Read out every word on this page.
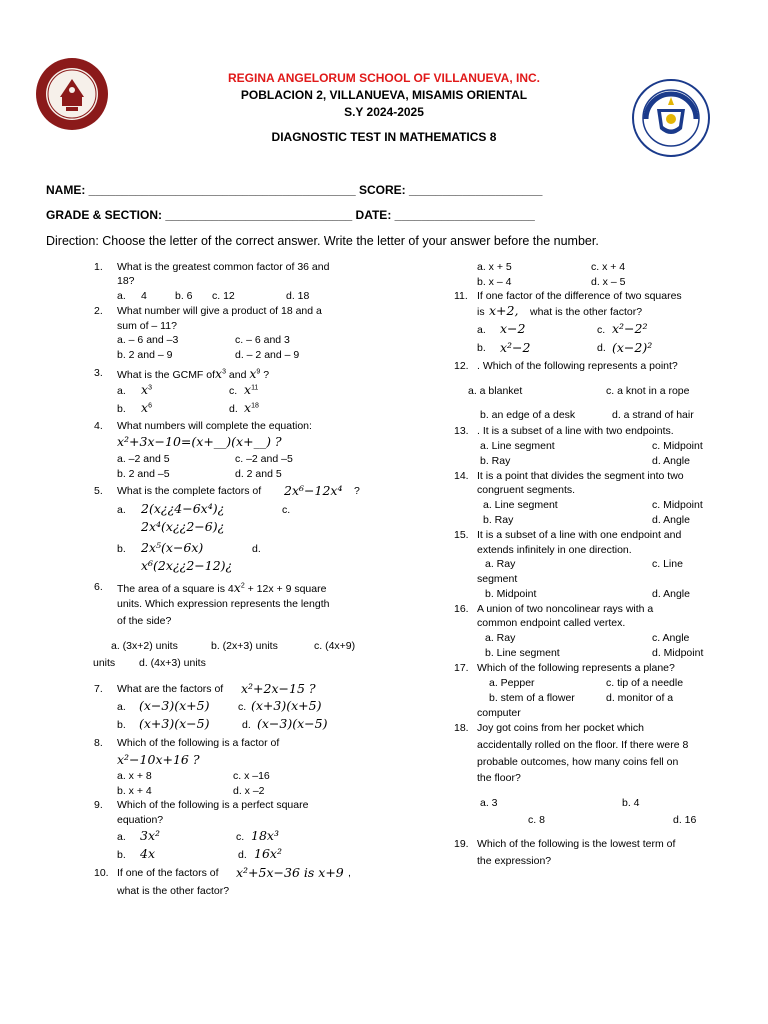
REGINA ANGELORUM SCHOOL OF VILLANUEVA, INC.
POBLACION 2, VILLANUEVA, MISAMIS ORIENTAL
S.Y 2024-2025
DIAGNOSTIC TEST IN MATHEMATICS 8
NAME: ________________________________________ SCORE: ____________________
GRADE & SECTION: ____________________________ DATE: _____________________
Direction: Choose the letter of the correct answer. Write the letter of your answer before the number.
1. What is the greatest common factor of 36 and
18?
a. 4	b. 6 c. 12	d. 18
2. What number will give a product of 18 and a
sum of – 11?
a. – 6 and –3	c. – 6 and 3
b. 2 and – 9	d. – 2 and – 9
3. What is the GCMF ofx$^3$ and $x^9$ ?
a. $x^3$	c. $x^{11}$
b. $x^6$	d. $x^{18}$
4. What numbers will complete the equation:
x²+3x−10=(x+__)(x+__) ?
a. –2 and 5	c. –2 and –5
b. 2 and –5	d. 2 and 5
5. What is the complete factors of 2x⁶−12x⁴ ?
a. 2(x¿¿4−6x⁴)¿	c.
2x⁴(x¿¿2−6)¿
b. 2x⁵(x−6x)	d.
x⁶(2x¿¿2−12)¿
6. The area of a square is $4x^2 + 12x + 9$ square
units. Which expression represents the length
of the side?
a. (3x+2) units	b. (2x+3) units	c. (4x+9)
units d. (4x+3) units
7. What are the factors of x²+2x−15 ?
a. (x−3)(x+5)	c. (x+3)(x+5)
b. (x+3)(x−5)	d. (x−3)(x−5)
8. Which of the following is a factor of
x²−10x+16 ?
a. x + 8	c. x –16
b. x + 4	d. x –2
9. Which of the following is a perfect square
equation?
a. 3x²	c. 18x³
b. 4x	d. 16x²
10. If one of the factors of x²+5x−36 is x+9 ,
what is the other factor?
a. x + 5	c. x + 4
b. x – 4	d. x – 5
11. If one factor of the difference of two squares
is x+2, what is the other factor?
a. x−2	c. x²−2²
b. x²−2	d. (x−2)²
12. . Which of the following represents a point?
a. a blanket	c. a knot in a rope
b. an edge of a desk	d. a strand of hair
13. . It is a subset of a line with two endpoints.
a. Line segment	c. Midpoint
b. Ray	d. Angle
14. It is a point that divides the segment into two
congruent segments.
a. Line segment	c. Midpoint
b. Ray	d. Angle
15. It is a subset of a line with one endpoint and
extends infinitely in one direction.
a. Ray	c. Line
segment
b. Midpoint	d. Angle
16. A union of two noncolinear rays with a
common endpoint called vertex.
a. Ray	c. Angle
b. Line segment	d. Midpoint
17. Which of the following represents a plane?
a. Pepper	c. tip of a needle
b. stem of a flower	d. monitor of a
computer
18. Joy got coins from her pocket which
accidentally rolled on the floor. If there were 8
probable outcomes, how many coins fell on
the floor?
a. 3	b. 4
c. 8	d. 16
19. Which of the following is the lowest term of
the expression?
